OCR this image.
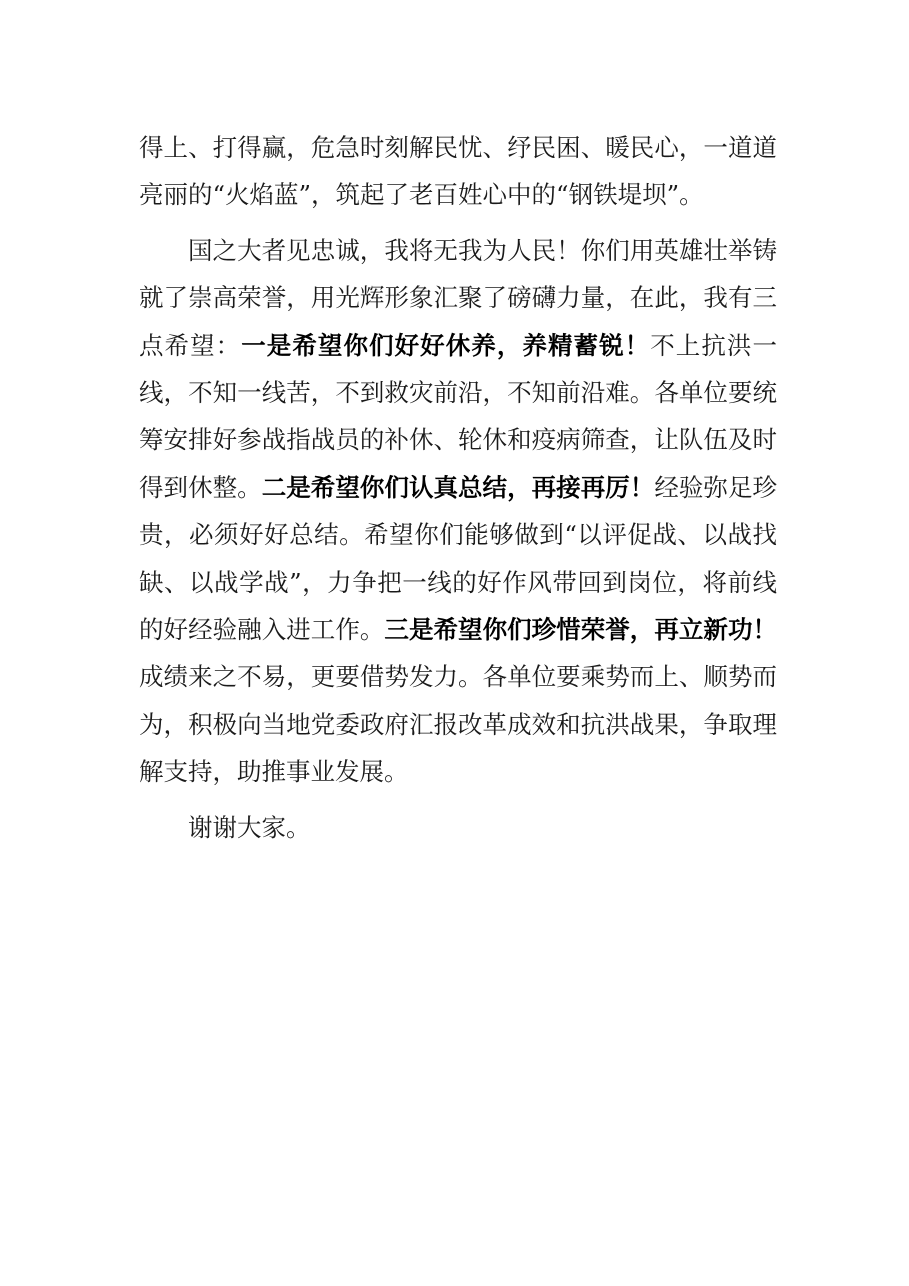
得上、打得赢，危急时刻解民忧、纾民困、暖民心，一道道亮丽的“火焰蓝”，筑起了老百姓心中的“钢铁堤坝”。

国之大者见忠诚，我将无我为人民！你们用英雄壮举铸就了崇高荣誉，用光辉形象汇聚了磅礴力量，在此，我有三点希望：一是希望你们好好休养，养精蓄锐！不上抗洪一线，不知一线苦，不到救灾前沿，不知前沿难。各单位要统筹安排好参战指战员的补休、轮休和疫病筛查，让队伍及时得到休整。二是希望你们认真总结，再接再厉！经验弥足珍贵，必须好好总结。希望你们能够做到“以评促战、以战找缺、以战学战”，力争把一线的好作风带回到岗位，将前线的好经验融入进工作。三是希望你们珍惜荣誉，再立新功！成绩来之不易，更要借势发力。各单位要乘势而上、顺势而为，积极向当地党委政府汇报改革成效和抗洪战果，争取理解支持，助推事业发展。

谢谢大家。
